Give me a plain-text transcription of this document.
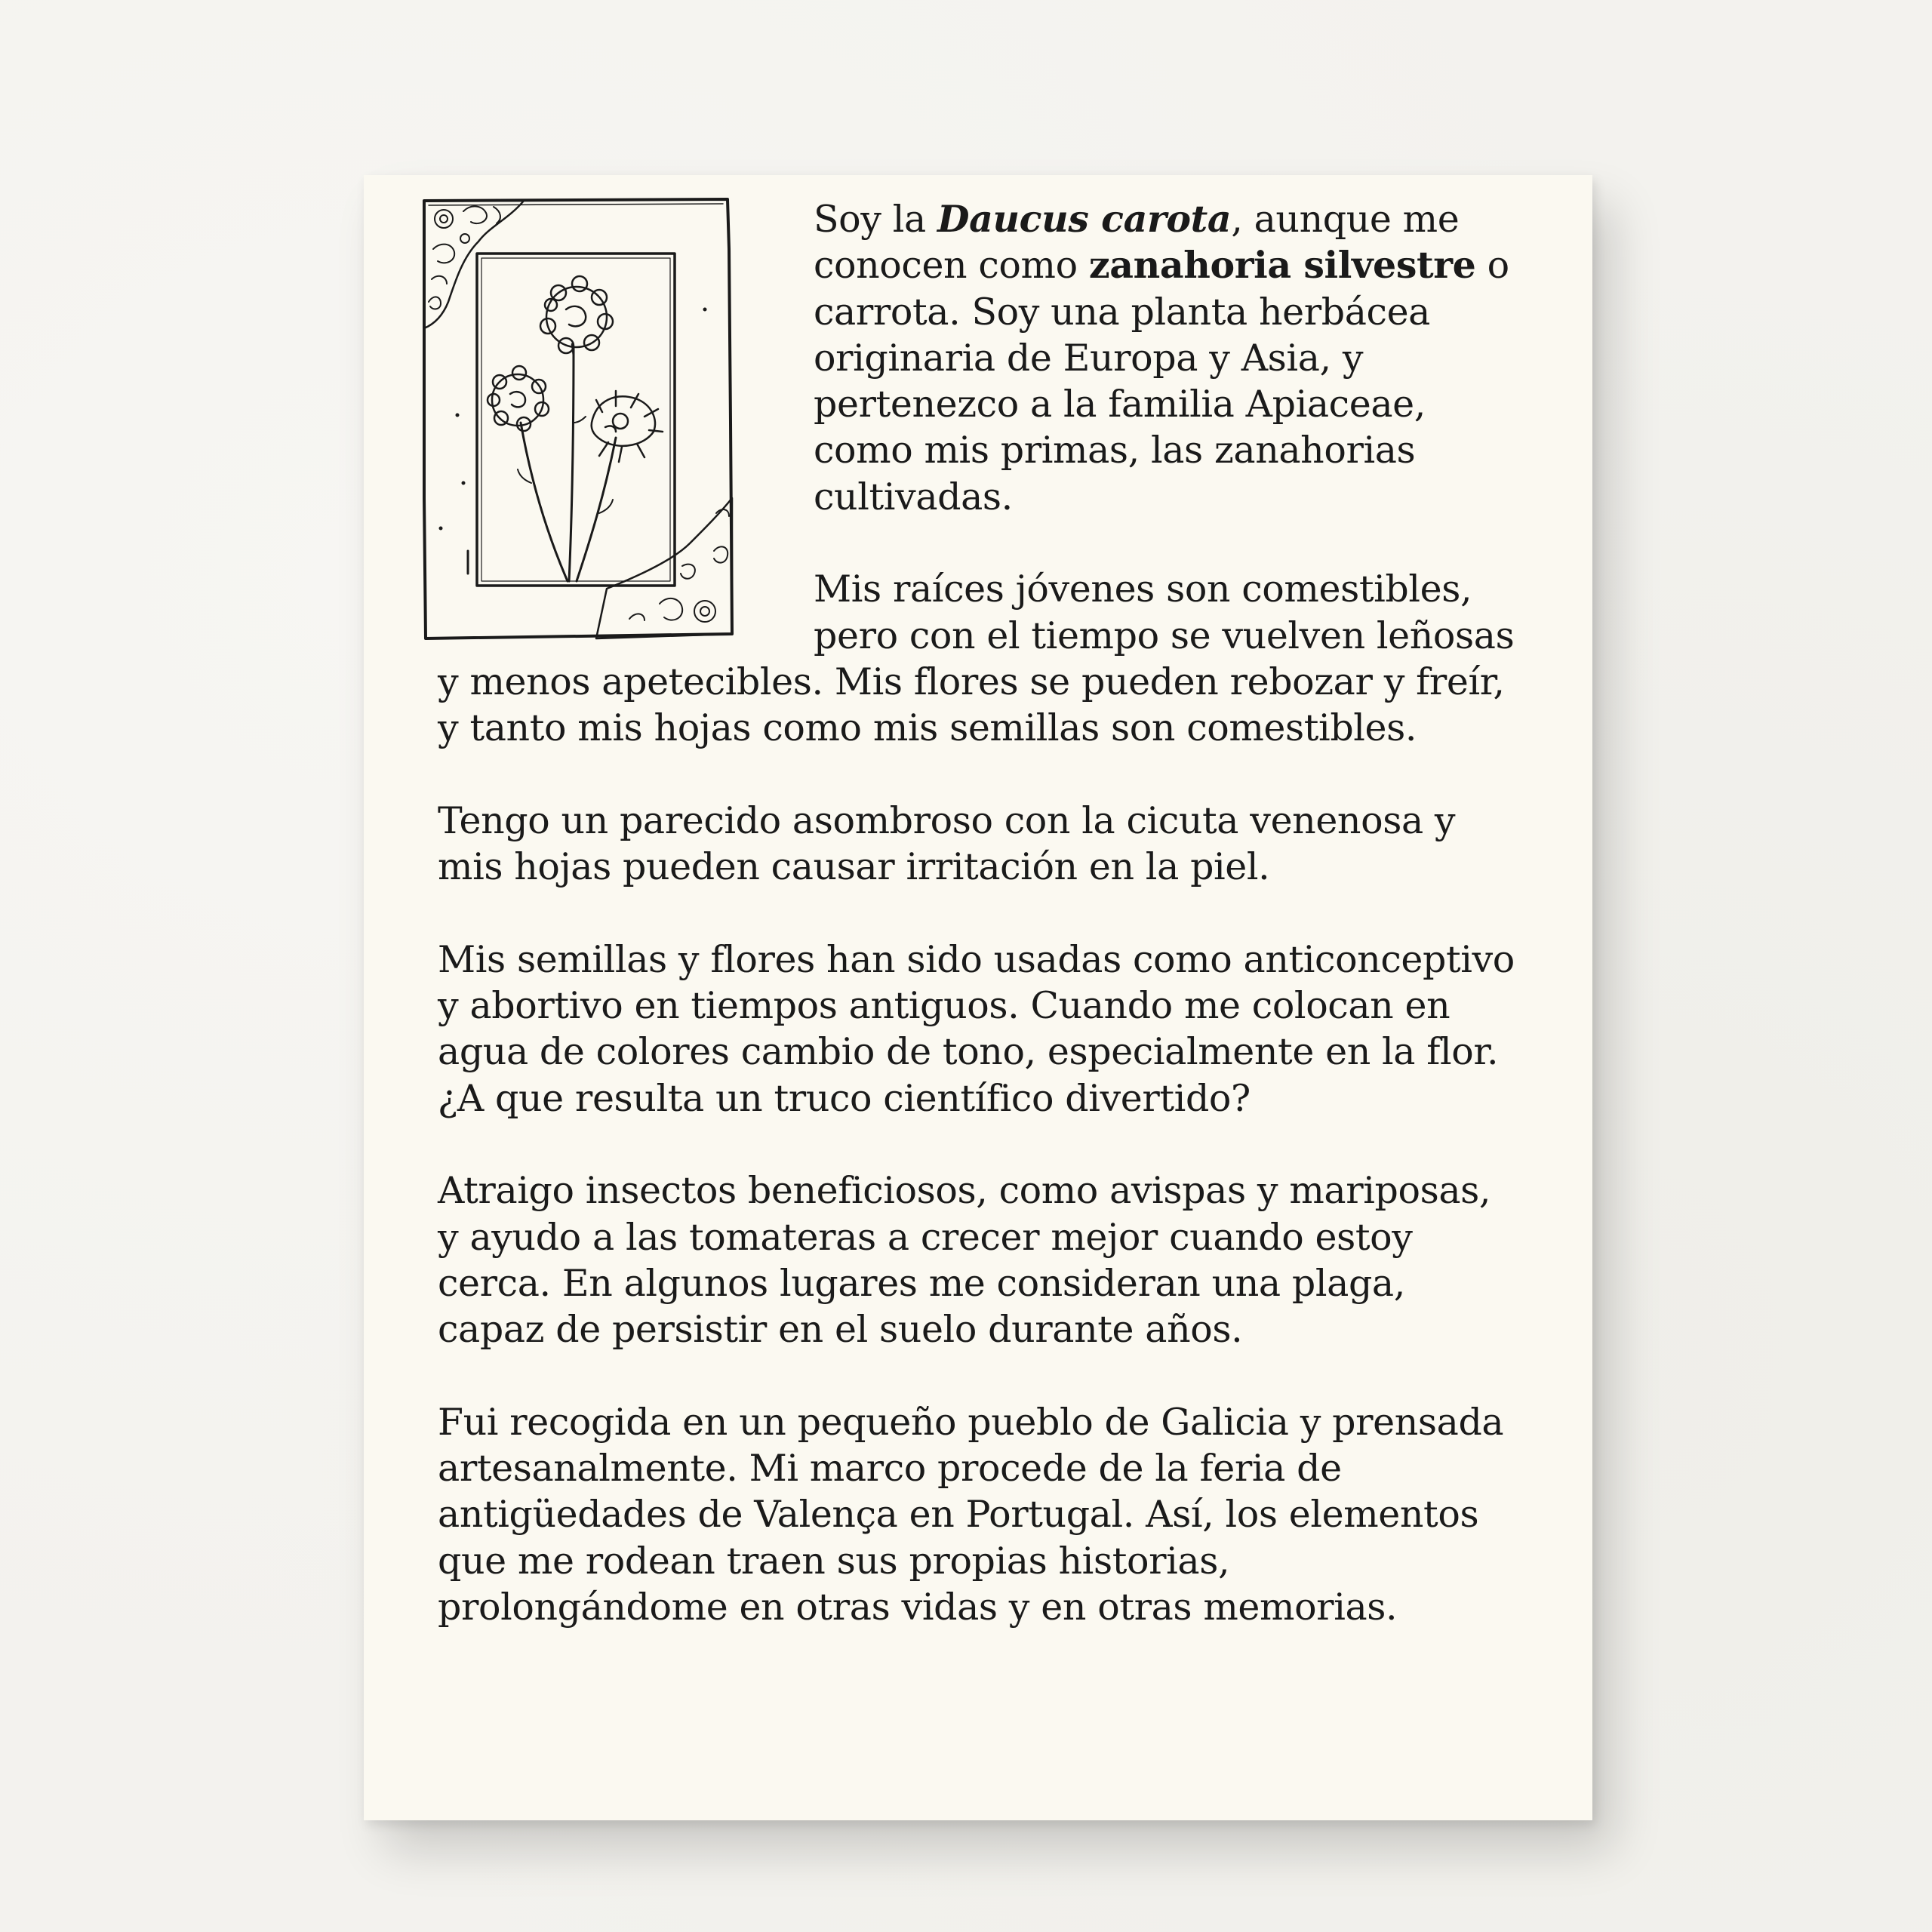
Soy la Daucus carota, aunque me conocen como zanahoria silvestre o carrota. Soy una planta herbácea originaria de Europa y Asia, y pertenezco a la familia Apiaceae, como mis primas, las zanahorias cultivadas.

Mis raíces jóvenes son comestibles, pero con el tiempo se vuelven leñosas y menos apetecibles. Mis flores se pueden rebozar y freír, y tanto mis hojas como mis semillas son comestibles.

Tengo un parecido asombroso con la cicuta venenosa y mis hojas pueden causar irritación en la piel.

Mis semillas y flores han sido usadas como anticonceptivo y abortivo en tiempos antiguos. Cuando me colocan en agua de colores cambio de tono, especialmente en la flor. ¿A que resulta un truco científico divertido?

Atraigo insectos beneficiosos, como avispas y mariposas, y ayudo a las tomateras a crecer mejor cuando estoy cerca. En algunos lugares me consideran una plaga, capaz de persistir en el suelo durante años.

Fui recogida en un pequeño pueblo de Galicia y prensada artesanalmente. Mi marco procede de la feria de antigüedades de Valença en Portugal. Así, los elementos que me rodean traen sus propias historias, prolongándome en otras vidas y en otras memorias.
